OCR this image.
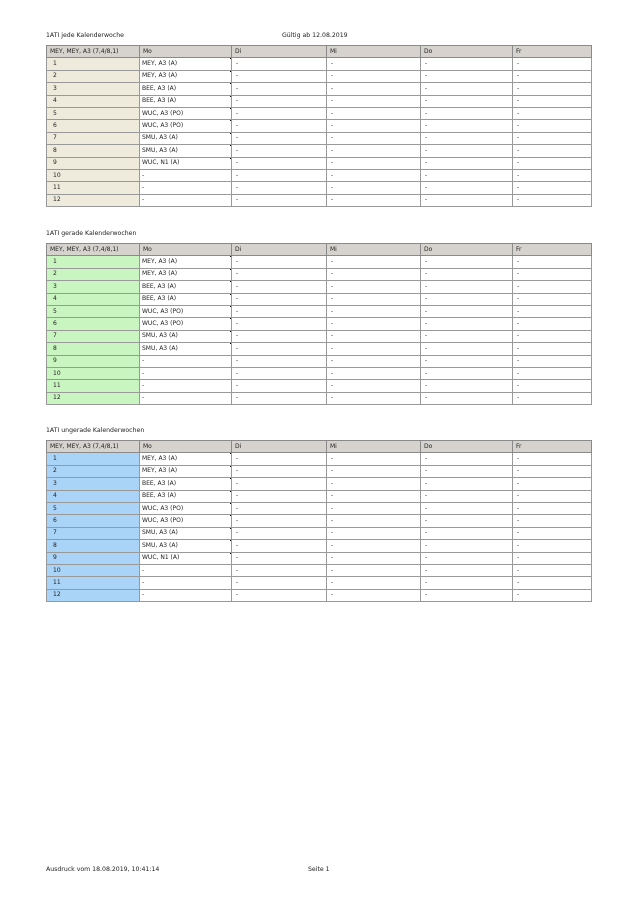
1ATI jede Kalenderwoche	Gültig ab 12.08.2019
MEY, MEY, A3 (7,4/8,1)	Mo	Di	Mi	Do	Fr
1	MEY, A3 (A)	-	-	-	-
2	MEY, A3 (A)	-	-	-	-
3	BEE, A3 (A)	-	-	-	-
4	BEE, A3 (A)	-	-	-	-
5	WUC, A3 (PO)	-	-	-	-
6	WUC, A3 (PO)	-	-	-	-
7	SMU, A3 (A)	-	-	-	-
8	SMU, A3 (A)	-	-	-	-
9	WUC, N1 (A)	-	-	-	-
10	-	-	-	-	-
11	-	-	-	-	-
12	-	-	-	-	-
1ATI gerade Kalenderwochen
MEY, MEY, A3 (7,4/8,1)	Mo	Di	Mi	Do	Fr
1	MEY, A3 (A)	-	-	-	-
2	MEY, A3 (A)	-	-	-	-
3	BEE, A3 (A)	-	-	-	-
4	BEE, A3 (A)	-	-	-	-
5	WUC, A3 (PO)	-	-	-	-
6	WUC, A3 (PO)	-	-	-	-
7	SMU, A3 (A)	-	-	-	-
8	SMU, A3 (A)	-	-	-	-
9	-	-	-	-	-
10	-	-	-	-	-
11	-	-	-	-	-
12	-	-	-	-	-
1ATI ungerade Kalenderwochen
MEY, MEY, A3 (7,4/8,1)	Mo	Di	Mi	Do	Fr
1	MEY, A3 (A)	-	-	-	-
2	MEY, A3 (A)	-	-	-	-
3	BEE, A3 (A)	-	-	-	-
4	BEE, A3 (A)	-	-	-	-
5	WUC, A3 (PO)	-	-	-	-
6	WUC, A3 (PO)	-	-	-	-
7	SMU, A3 (A)	-	-	-	-
8	SMU, A3 (A)	-	-	-	-
9	WUC, N1 (A)	-	-	-	-
10	-	-	-	-	-
11	-	-	-	-	-
12	-	-	-	-	-
Ausdruck vom 18.08.2019, 10:41:14	Seite 1
